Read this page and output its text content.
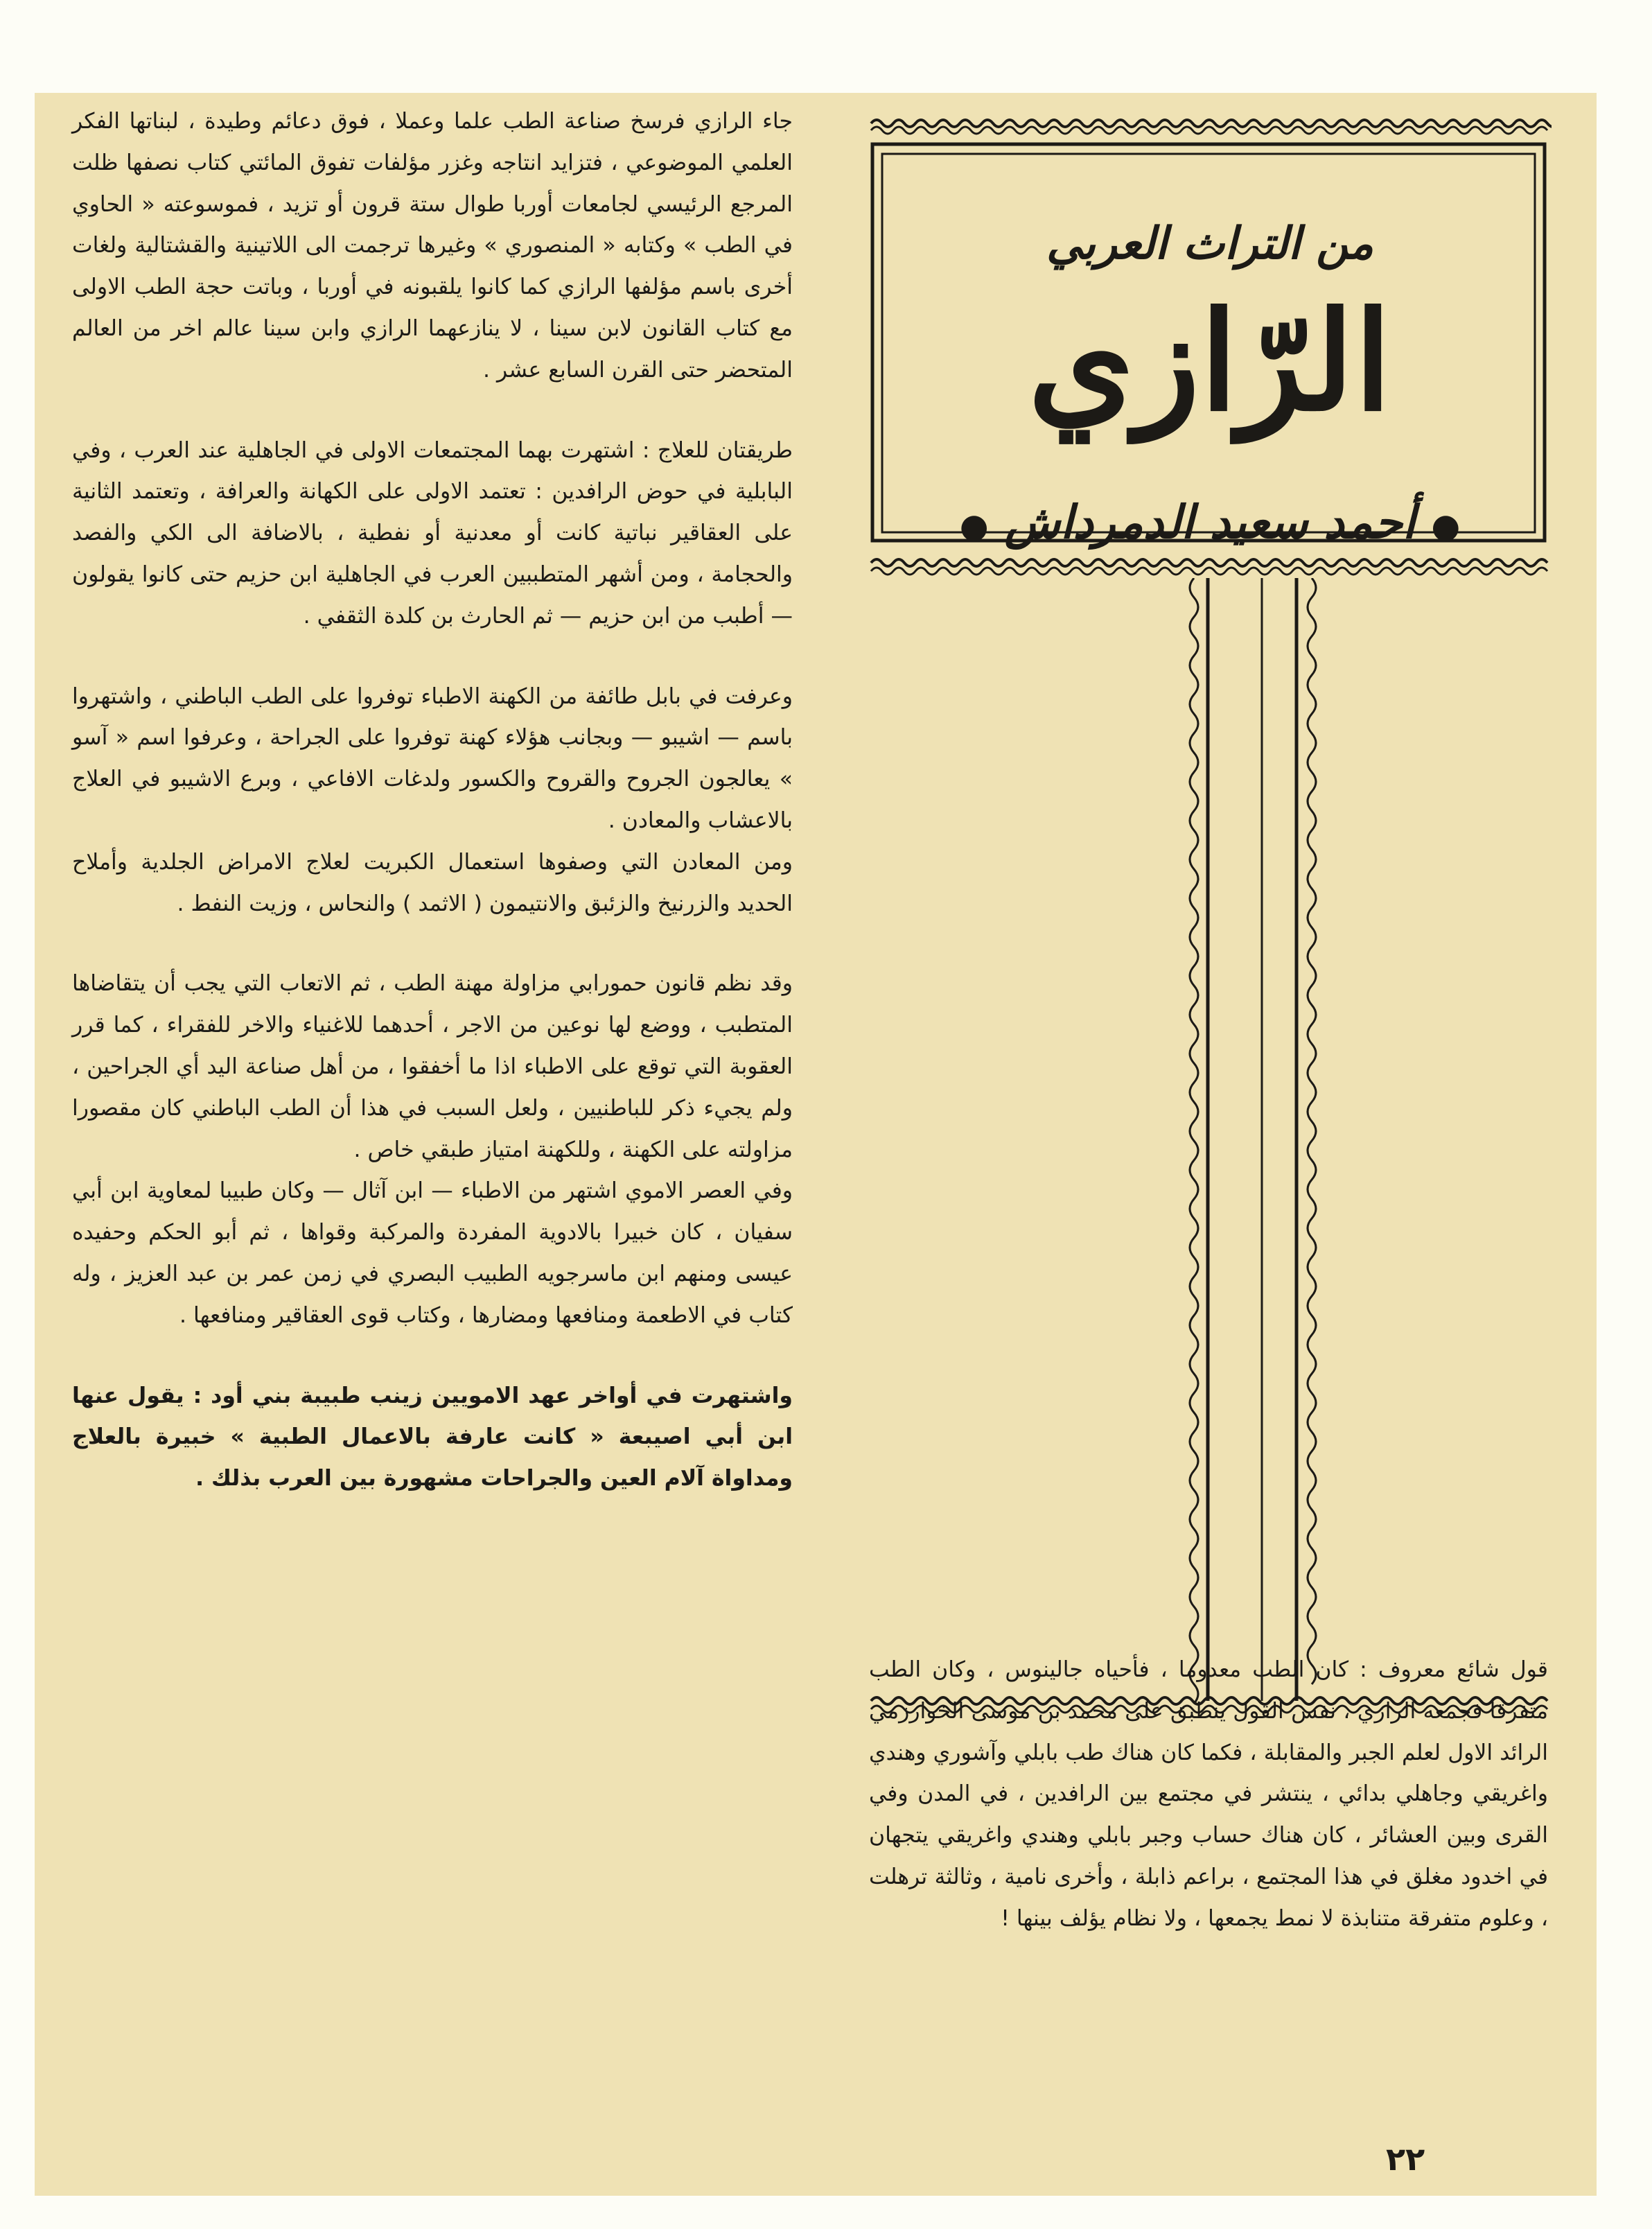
جاء الرازي فرسخ صناعة الطب علما وعملا ، فوق دعائم وطيدة ، لبناتها الفكر العلمي الموضوعي ، فتزايد انتاجه وغزر مؤلفات تفوق المائتي كتاب نصفها ظلت المرجع الرئيسي لجامعات أوربا طوال ستة قرون أو تزيد ، فموسوعته « الحاوي في الطب » وكتابه « المنصوري » وغيرها ترجمت الى اللاتينية والقشتالية ولغات أخرى باسم مؤلفها الرازي كما كانوا يلقبونه في أوربا ، وباتت حجة الطب الاولى مع كتاب القانون لابن سينا ، لا ينازعهما الرازي وابن سينا عالم اخر من العالم المتحضر حتى القرن السابع عشر .

طريقتان للعلاج : اشتهرت بهما المجتمعات الاولى في الجاهلية عند العرب ، وفي البابلية في حوض الرافدين : تعتمد الاولى على الكهانة والعرافة ، وتعتمد الثانية على العقاقير نباتية كانت أو معدنية أو نفطية ، بالاضافة الى الكي والفصد والحجامة ، ومن أشهر المتطببين العرب في الجاهلية ابن حزيم حتى كانوا يقولون — أطبب من ابن حزيم — ثم الحارث بن كلدة الثقفي .

وعرفت في بابل طائفة من الكهنة الاطباء توفروا على الطب الباطني ، واشتهروا باسم — اشيبو — وبجانب هؤلاء كهنة توفروا على الجراحة ، وعرفوا اسم « آسو » يعالجون الجروح والقروح والكسور ولدغات الافاعي ، وبرع الاشيبو في العلاج بالاعشاب والمعادن .

ومن المعادن التي وصفوها استعمال الكبريت لعلاج الامراض الجلدية وأملاح الحديد والزرنيخ والزئبق والانتيمون ( الاثمد ) والنحاس ، وزيت النفط .

وقد نظم قانون حمورابي مزاولة مهنة الطب ، ثم الاتعاب التي يجب أن يتقاضاها المتطبب ، ووضع لها نوعين من الاجر ، أحدهما للاغنياء والاخر للفقراء ، كما قرر العقوبة التي توقع على الاطباء اذا ما أخفقوا ، من أهل صناعة اليد أي الجراحين ، ولم يجيء ذكر للباطنيين ، ولعل السبب في هذا أن الطب الباطني كان مقصورا مزاولته على الكهنة ، وللكهنة امتياز طبقي خاص .

وفي العصر الاموي اشتهر من الاطباء — ابن آثال — وكان طبيبا لمعاوية ابن أبي سفيان ، كان خبيرا بالادوية المفردة والمركبة وقواها ، ثم أبو الحكم وحفيده عيسى ومنهم ابن ماسرجويه الطبيب البصري في زمن عمر بن عبد العزيز ، وله كتاب في الاطعمة ومنافعها ومضارها ، وكتاب قوى العقاقير ومنافعها .

واشتهرت في أواخر عهد الامويين زينب طبيبة بني أود : يقول عنها ابن أبي اصيبعة « كانت عارفة بالاعمال الطبية » خبيرة بالعلاج ومداواة آلام العين والجراحات مشهورة بين العرب بذلك .

من التراث العربي
الرّازي
● أحمد سعيد الدمرداش ●

قول شائع معروف : كان الطب معدوما ، فأحياه جالينوس ، وكان الطب متفرقا فجمعه الرازي ، نفس القول ينطبق على محمد بن موسى الخوارزمي الرائد الاول لعلم الجبر والمقابلة ، فكما كان هناك طب بابلي وآشوري وهندي واغريقي وجاهلي بدائي ، ينتشر في مجتمع بين الرافدين ، في المدن وفي القرى وبين العشائر ، كان هناك حساب وجبر بابلي وهندي واغريقي يتجهان في اخدود مغلق في هذا المجتمع ، براعم ذابلة ، وأخرى نامية ، وثالثة ترهلت ، وعلوم متفرقة متنابذة لا نمط يجمعها ، ولا نظام يؤلف بينها !

٢٢
